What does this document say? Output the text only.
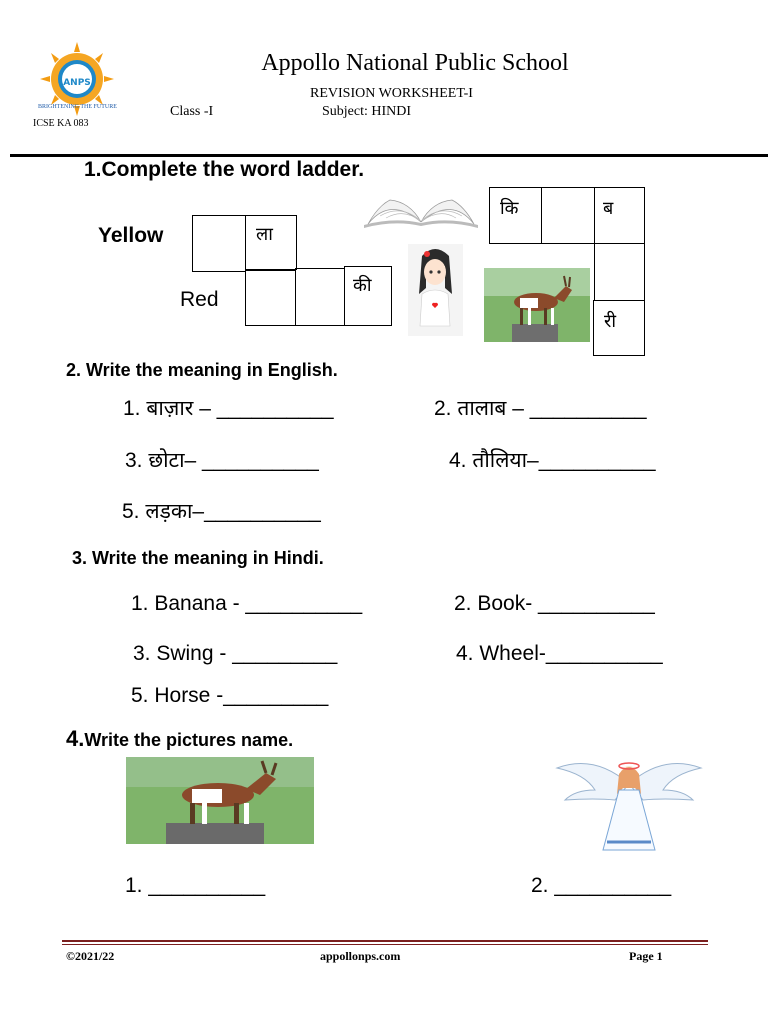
ANPS
BRIGHTENING THE FUTURE
ICSE KA 083
Appollo National Public School
REVISION WORKSHEET-I
Class -I	Subject: HINDI
1.Complete the word ladder.
Yellow
Red
ला
की
कि	ब
री
2. Write the meaning in English.
1. बाज़ार – __________	2. तालाब – __________
3. छोटा– __________	4. तौलिया–__________
5. लड़का–__________
3. Write the meaning in Hindi.
1. Banana - __________	2. Book- __________
3. Swing - _________	4. Wheel-__________
5. Horse -_________
4.Write the pictures name.
1. __________	2. __________
©2021/22	appollonps.com	Page 1
